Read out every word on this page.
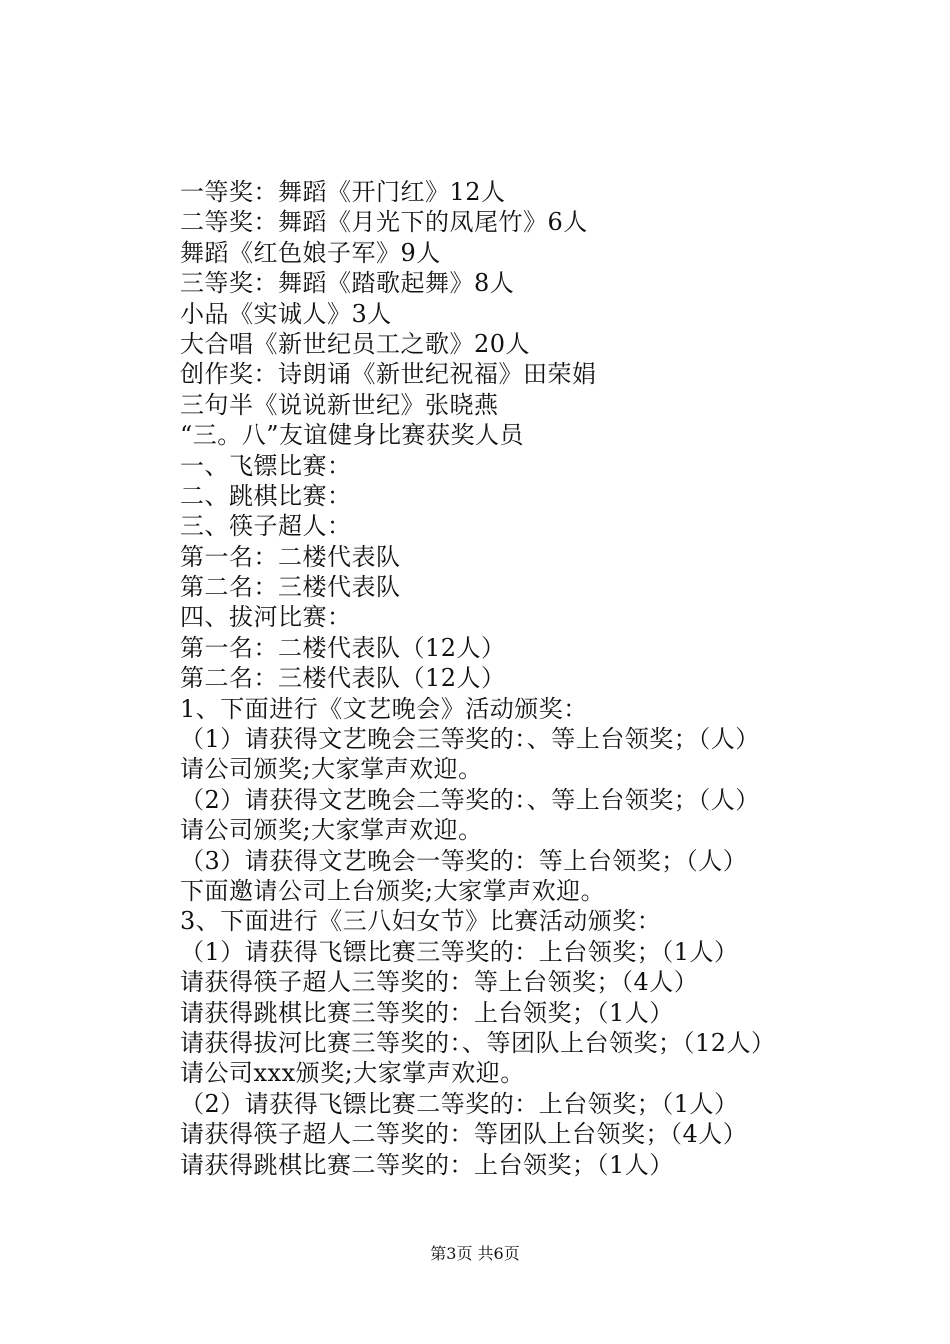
一等奖：舞蹈《开门红》12人
二等奖：舞蹈《月光下的凤尾竹》6人
舞蹈《红色娘子军》9人
三等奖：舞蹈《踏歌起舞》8人
小品《实诚人》3人
大合唱《新世纪员工之歌》20人
创作奖：诗朗诵《新世纪祝福》田荣娟
三句半《说说新世纪》张晓燕
“三。八”友谊健身比赛获奖人员
一、飞镖比赛：
二、跳棋比赛：
三、筷子超人：
第一名：二楼代表队
第二名：三楼代表队
四、拔河比赛：
第一名：二楼代表队（12人）
第二名：三楼代表队（12人）
1、下面进行《文艺晚会》活动颁奖：
（1）请获得文艺晚会三等奖的：、等上台领奖；（人）
请公司颁奖;大家掌声欢迎。
（2）请获得文艺晚会二等奖的：、等上台领奖；（人）
请公司颁奖;大家掌声欢迎。
（3）请获得文艺晚会一等奖的：等上台领奖；（人）
下面邀请公司上台颁奖;大家掌声欢迎。
3、下面进行《三八妇女节》比赛活动颁奖：
（1）请获得飞镖比赛三等奖的：上台领奖；（1人）
请获得筷子超人三等奖的：等上台领奖；（4人）
请获得跳棋比赛三等奖的：上台领奖；（1人）
请获得拔河比赛三等奖的：、等团队上台领奖；（12人）
请公司xxx颁奖;大家掌声欢迎。
（2）请获得飞镖比赛二等奖的：上台领奖；（1人）
请获得筷子超人二等奖的：等团队上台领奖；（4人）
请获得跳棋比赛二等奖的：上台领奖；（1人）
第3页 共6页
